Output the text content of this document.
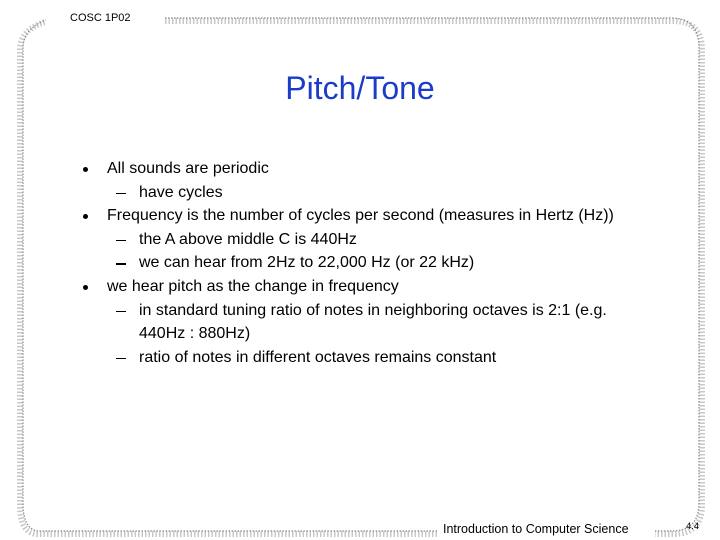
COSC 1P02
Pitch/Tone
All sounds are periodic
have cycles
Frequency is the number of cycles per second (measures in Hertz (Hz))
the A above middle C is 440Hz
we can hear from 2Hz to 22,000 Hz (or 22 kHz)
we hear pitch as the change in frequency
in standard tuning ratio of notes in neighboring octaves is 2:1 (e.g. 440Hz : 880Hz)
ratio of notes in different octaves remains constant
Introduction to Computer Science	4.4
